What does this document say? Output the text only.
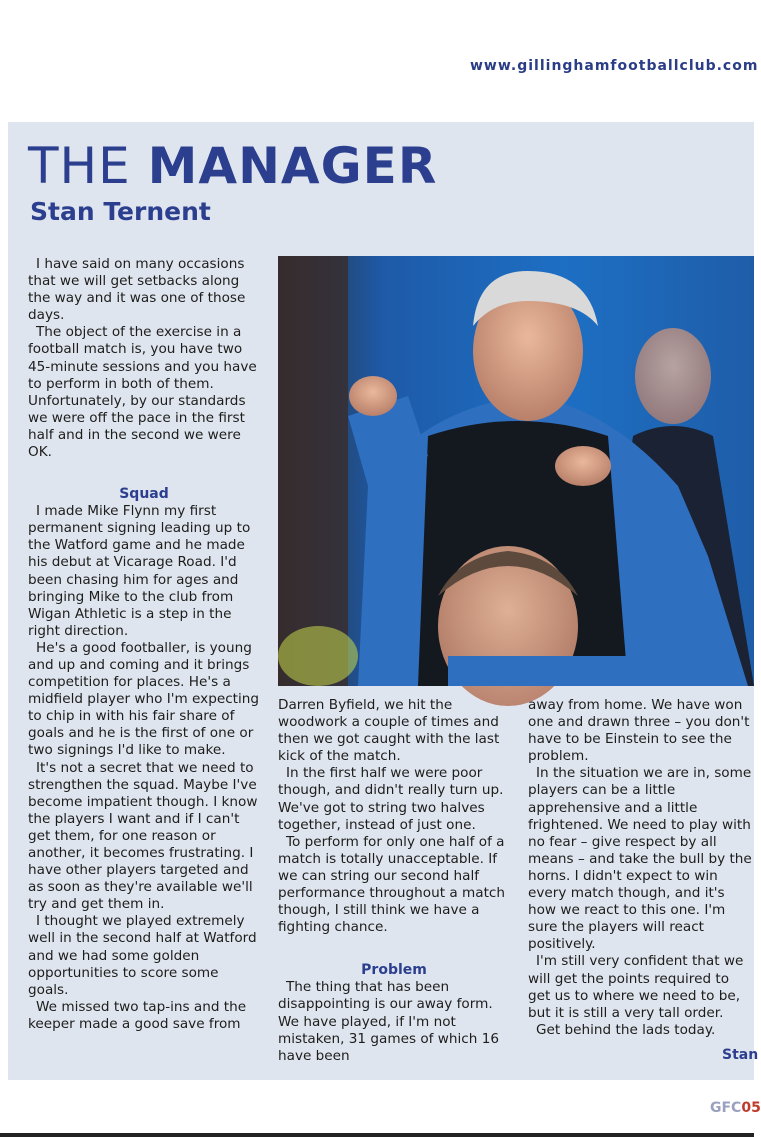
www.gillinghamfootballclub.com
THE MANAGER
Stan Ternent

I have said on many occasions that we will get setbacks along the way and it was one of those days.

The object of the exercise in a football match is, you have two 45-minute sessions and you have to perform in both of them. Unfortunately, by our standards we were off the pace in the first half and in the second we were OK.

Squad

I made Mike Flynn my first permanent signing leading up to the Watford game and he made his debut at Vicarage Road. I'd been chasing him for ages and bringing Mike to the club from Wigan Athletic is a step in the right direction.

He's a good footballer, is young and up and coming and it brings competition for places. He's a midfield player who I'm expecting to chip in with his fair share of goals and he is the first of one or two signings I'd like to make.

It's not a secret that we need to strengthen the squad. Maybe I've become impatient though. I know the players I want and if I can't get them, for one reason or another, it becomes frustrating. I have other players targeted and as soon as they're available we'll try and get them in.

I thought we played extremely well in the second half at Watford and we had some golden opportunities to score some goals.

We missed two tap-ins and the keeper made a good save from

Darren Byfield, we hit the woodwork a couple of times and then we got caught with the last kick of the match.

In the first half we were poor though, and didn't really turn up. We've got to string two halves together, instead of just one.

To perform for only one half of a match is totally unacceptable. If we can string our second half performance throughout a match though, I still think we have a fighting chance.

Problem

The thing that has been disappointing is our away form. We have played, if I'm not mistaken, 31 games of which 16 have been

away from home. We have won one and drawn three – you don't have to be Einstein to see the problem.

In the situation we are in, some players can be a little apprehensive and a little frightened. We need to play with no fear – give respect by all means – and take the bull by the horns. I didn't expect to win every match though, and it's how we react to this one. I'm sure the players will react positively.

I'm still very confident that we will get the points required to get us to where we need to be, but it is still a very tall order.

Get behind the lads today.

Stan
GFC05
